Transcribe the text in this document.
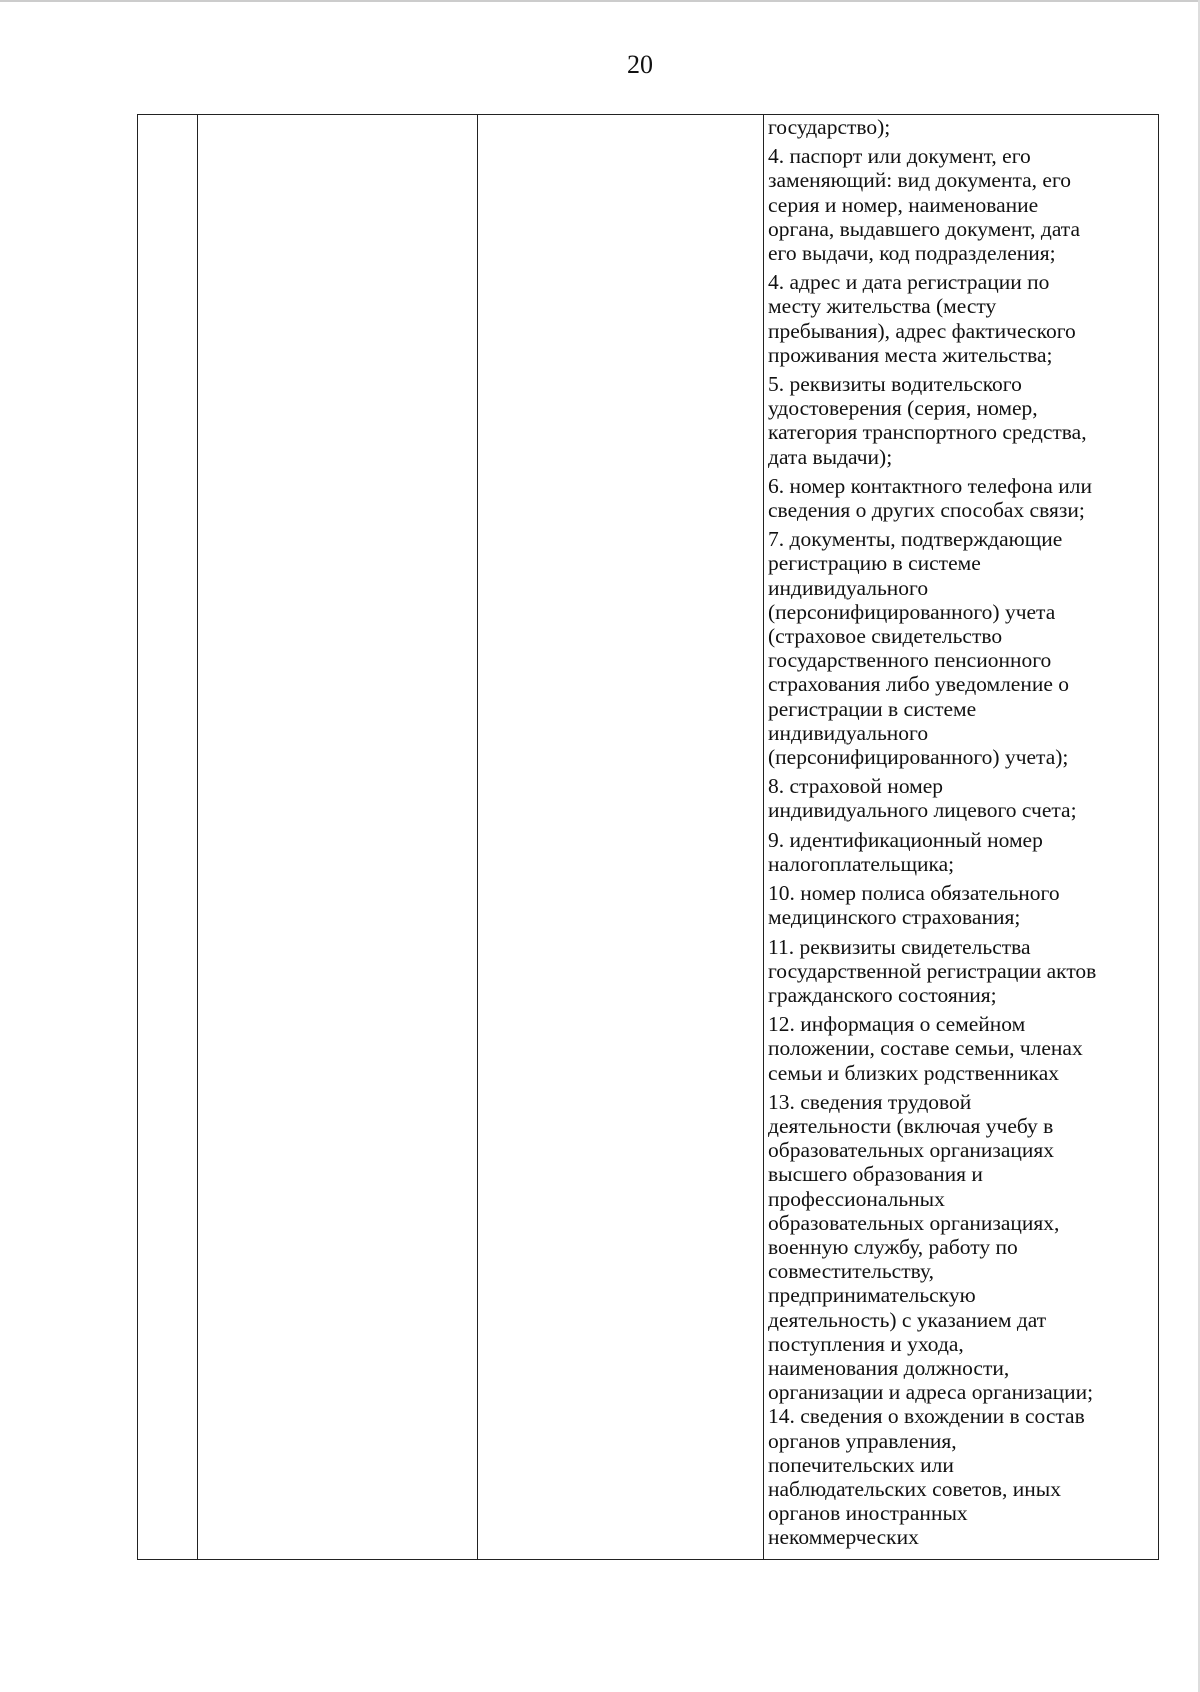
20

государство);

4. паспорт или документ, его
заменяющий: вид документа, его
серия и номер, наименование
органа, выдавшего документ, дата
его выдачи, код подразделения;

4. адрес и дата регистрации по
месту жительства (месту
пребывания), адрес фактического
проживания места жительства;

5. реквизиты водительского
удостоверения (серия, номер,
категория транспортного средства,
дата выдачи);

6. номер контактного телефона или
сведения о других способах связи;

7. документы, подтверждающие
регистрацию в системе
индивидуального
(персонифицированного) учета
(страховое свидетельство
государственного пенсионного
страхования либо уведомление о
регистрации в системе
индивидуального
(персонифицированного) учета);

8. страховой номер
индивидуального лицевого счета;

9. идентификационный номер
налогоплательщика;

10. номер полиса обязательного
медицинского страхования;

11. реквизиты свидетельства
государственной регистрации актов
гражданского состояния;

12. информация о семейном
положении, составе семьи, членах
семьи и близких родственниках

13. сведения трудовой
деятельности (включая учебу в
образовательных организациях
высшего образования и
профессиональных
образовательных организациях,
военную службу, работу по
совместительству,
предпринимательскую
деятельность) с указанием дат
поступления и ухода,
наименования должности,
организации и адреса организации;

14. сведения о вхождении в состав
органов управления,
попечительских или
наблюдательских советов, иных
органов иностранных
некоммерческих
